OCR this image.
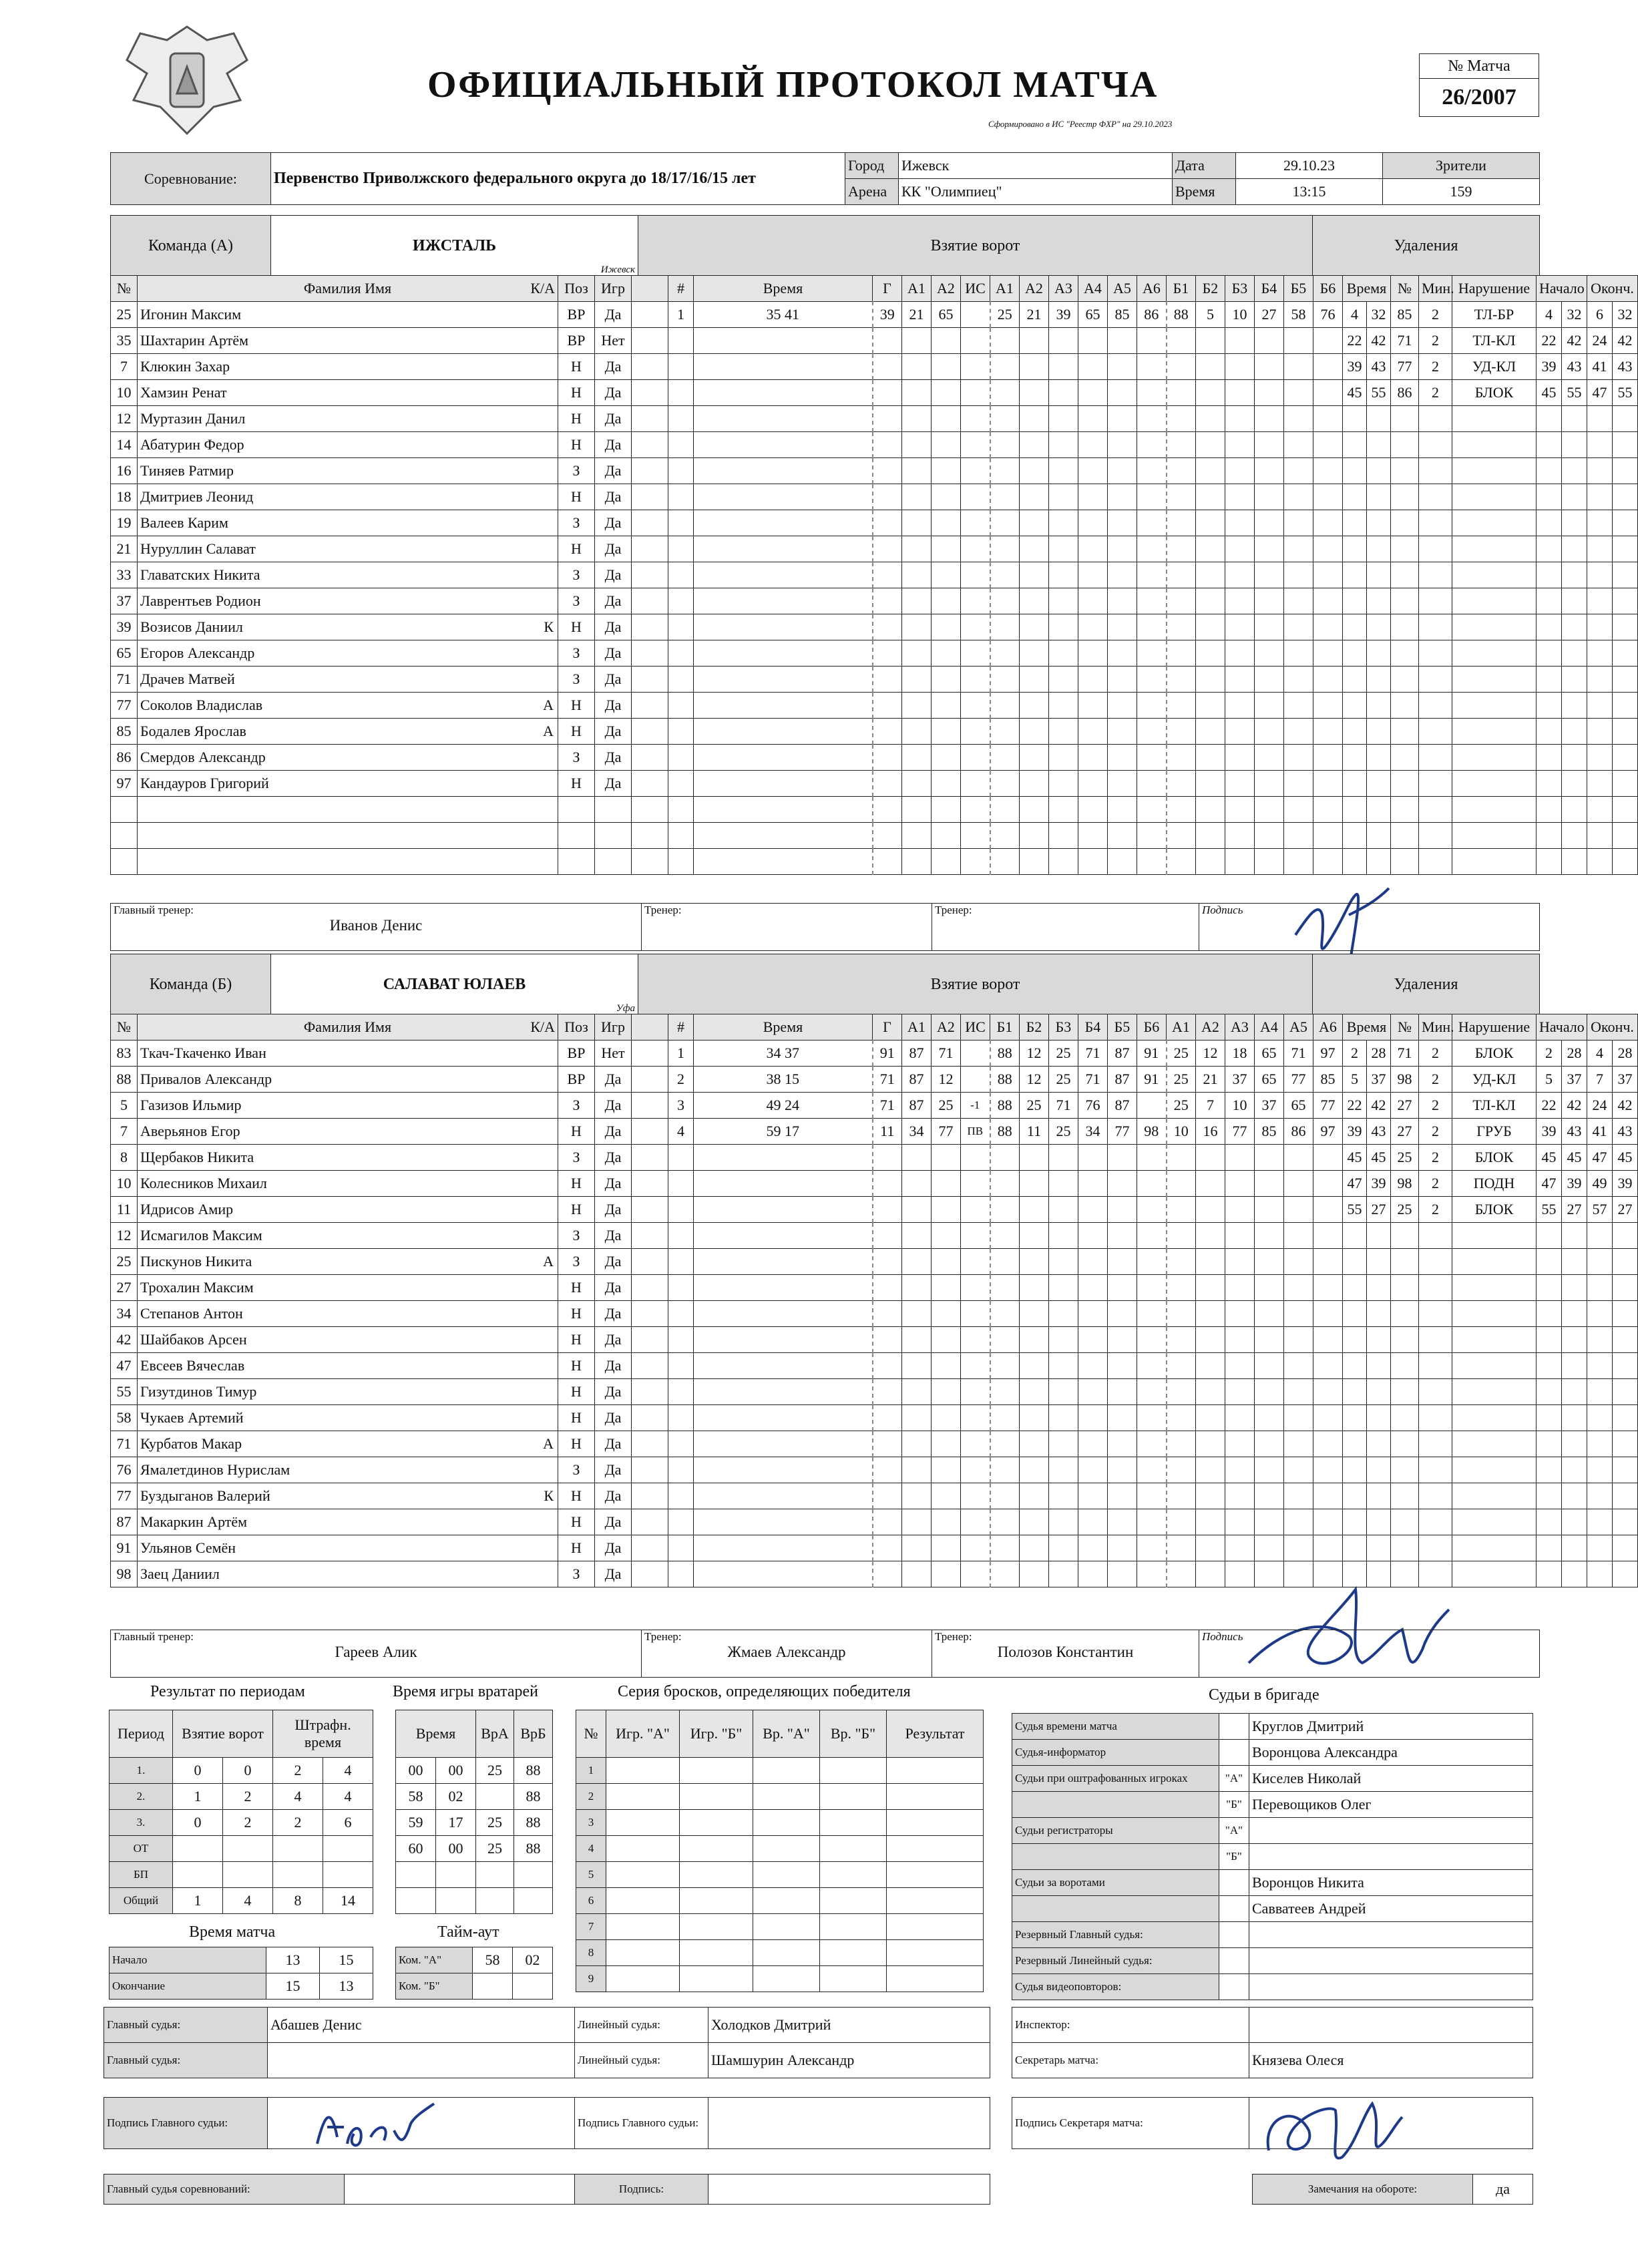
ОФИЦИАЛЬНЫЙ ПРОТОКОЛ МАТЧА
Сформировано в ИС "Реестр ФХР" на 29.10.2023
№ Матча
26/2007
Соревнование:	Первенство Приволжского федерального округа до 18/17/16/15 лет	Город	Ижевск	Дата	29.10.23	Зрители
		Арена	КК "Олимпиец"	Время	13:15	159
Результат по периодам
Период	Взятие ворот		Штрафн. время	
1.	0	0	2	4
2.	1	2	4	4
3.	0	2	2	6
ОТ				
БП				
Общий	1	4	8	14
Время матча
Начало	13	15
Окончание	15	13
Время игры вратарей
Время		ВрА	ВрБ
00	00	25	88
58	02		88
59	17	25	88
60	00	25	88

Тайм-аут
Ком. "А"	58	02
Ком. "Б"		
Серия бросков, определяющих победителя
№	Игр. "А"	Игр. "Б"	Вр. "А"	Вр. "Б"	Результат
1					
2					
3					
4					
5					
6					
7					
8					
9					
Судьи в бригаде
Судья времени матча		Круглов Дмитрий
Судья-информатор		Воронцова Александра
Судьи при оштрафованных игроках	"А"	Киселев Николай
	"Б"	Перевощиков Олег
Судьи регистраторы	"А"	
	"Б"	
Судьи за воротами		Воронцов Никита
		Савватеев Андрей
Резервный Главный судья:		
Резервный Линейный судья:		
Судья видеоповторов:		
Главный судья:	Абашев Денис
Главный судья:	
Линейный судья:	Холодков Дмитрий
Линейный судья:	Шамшурин Александр
Инспектор:	
Секретарь матча:	Князева Олеся
Подпись Главного судьи:		Подпись Главного судьи:		Подпись Секретаря матча:	
Главный судья соревнований:		Подпись:		Замечания на обороте:	да
Команда (А)	ИЖСТАЛЬ
Ижевск
	Взятие ворот	Удаления
№	Фамилия Имя К/А	Поз	Игр		#	Время	Г	А1	А2	ИС	А1	А2	А3	А4	А5	А6	Б1	Б2	Б3	Б4	Б5	Б6	Время		№	Мин.	Нарушение	Начало		Оконч.	
25	Игонин Максим	ВР	Да		1	35 41	39	21	65		25	21	39	65	85	86	88	5	10	27	58	76	4	32	85	2	ТЛ-БР	4	32	6	32
35	Шахтарин Артём	ВР	Нет																				22	42	71	2	ТЛ-КЛ	22	42	24	42
7	Клюкин Захар	Н	Да																				39	43	77	2	УД-КЛ	39	43	41	43
10	Хамзин Ренат	Н	Да																				45	55	86	2	БЛОК	45	55	47	55
12	Муртазин Данил	Н	Да																												
14	Абатурин Федор	Н	Да																												
16	Тиняев Ратмир	З	Да																												
18	Дмитриев Леонид	Н	Да																												
19	Валеев Карим	З	Да																												
21	Нуруллин Салават	Н	Да																												
33	Главатских Никита	З	Да																												
37	Лаврентьев Родион	З	Да																												
39	Возисов Даниил К	Н	Да																												
65	Егоров Александр	З	Да																												
71	Драчев Матвей	З	Да																												
77	Соколов Владислав А	Н	Да																												
85	Бодалев Ярослав А	Н	Да																												
86	Смердов Александр	З	Да																												
97	Кандауров Григорий	Н	Да																												

Команда (Б)	САЛАВАТ ЮЛАЕВ
Уфа
	Взятие ворот	Удаления
№	Фамилия Имя К/А	Поз	Игр		#	Время	Г	А1	А2	ИС	Б1	Б2	Б3	Б4	Б5	Б6	А1	А2	А3	А4	А5	А6	Время		№	Мин.	Нарушение	Начало		Оконч.	
83	Ткач-Ткаченко Иван	ВР	Нет		1	34 37	91	87	71		88	12	25	71	87	91	25	12	18	65	71	97	2	28	71	2	БЛОК	2	28	4	28
88	Привалов Александр	ВР	Да		2	38 15	71	87	12		88	12	25	71	87	91	25	21	37	65	77	85	5	37	98	2	УД-КЛ	5	37	7	37
5	Газизов Ильмир	З	Да		3	49 24	71	87	25	-1	88	25	71	76	87		25	7	10	37	65	77	22	42	27	2	ТЛ-КЛ	22	42	24	42
7	Аверьянов Егор	Н	Да		4	59 17	11	34	77	ПВ	88	11	25	34	77	98	10	16	77	85	86	97	39	43	27	2	ГРУБ	39	43	41	43
8	Щербаков Никита	З	Да																				45	45	25	2	БЛОК	45	45	47	45
10	Колесников Михаил	Н	Да																				47	39	98	2	ПОДН	47	39	49	39
11	Идрисов Амир	Н	Да																				55	27	25	2	БЛОК	55	27	57	27
12	Исмагилов Максим	З	Да																												
25	Пискунов Никита А	З	Да																												
27	Трохалин Максим	Н	Да																												
34	Степанов Антон	Н	Да																												
42	Шайбаков Арсен	Н	Да																												
47	Евсеев Вячеслав	Н	Да																												
55	Гизутдинов Тимур	Н	Да																												
58	Чукаев Артемий	Н	Да																												
71	Курбатов Макар А	Н	Да																												
76	Ямалетдинов Нурислам	З	Да																												
77	Буздыганов Валерий К	Н	Да																												
87	Макаркин Артём	Н	Да																												
91	Ульянов Семён	Н	Да																												
98	Заец Даниил	З	Да																												
Главный тренер:
Иванов Денис

Тренер:	Тренер:	Подпись
Главный тренер:
Гареев Алик

Тренер:
Жмаев Александр

Тренер:
Полозов Константин

Подпись
